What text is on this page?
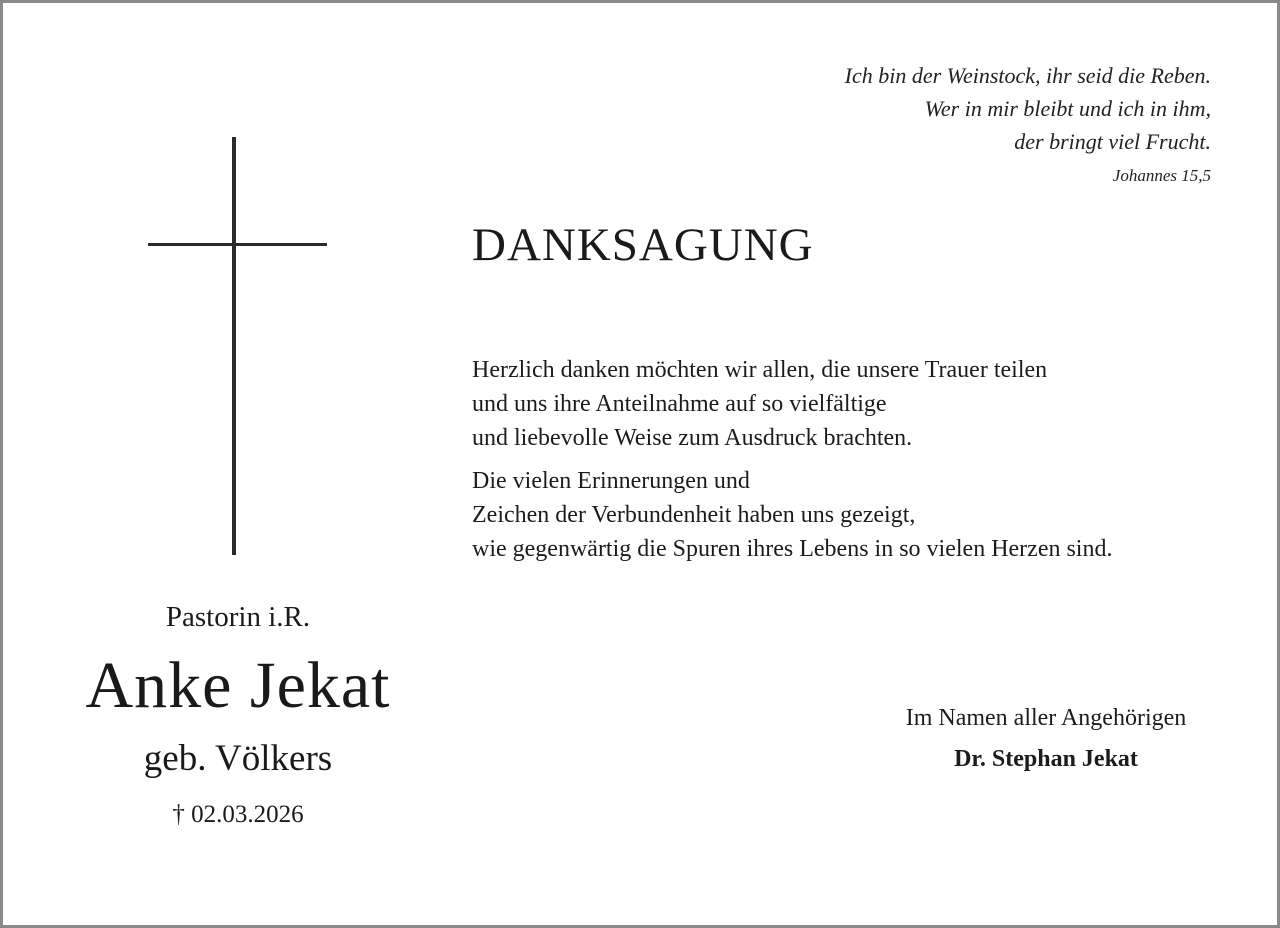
Ich bin der Weinstock, ihr seid die Reben.
Wer in mir bleibt und ich in ihm,
der bringt viel Frucht.
Johannes 15,5
DANKSAGUNG
Herzlich danken möchten wir allen, die unsere Trauer teilen
und uns ihre Anteilnahme auf so vielfältige
und liebevolle Weise zum Ausdruck brachten.
Die vielen Erinnerungen und
Zeichen der Verbundenheit haben uns gezeigt,
wie gegenwärtig die Spuren ihres Lebens in so vielen Herzen sind.
Pastorin i.R.
Anke Jekat
geb. Völkers
† 02.03.2026
Im Namen aller Angehörigen
Dr. Stephan Jekat
